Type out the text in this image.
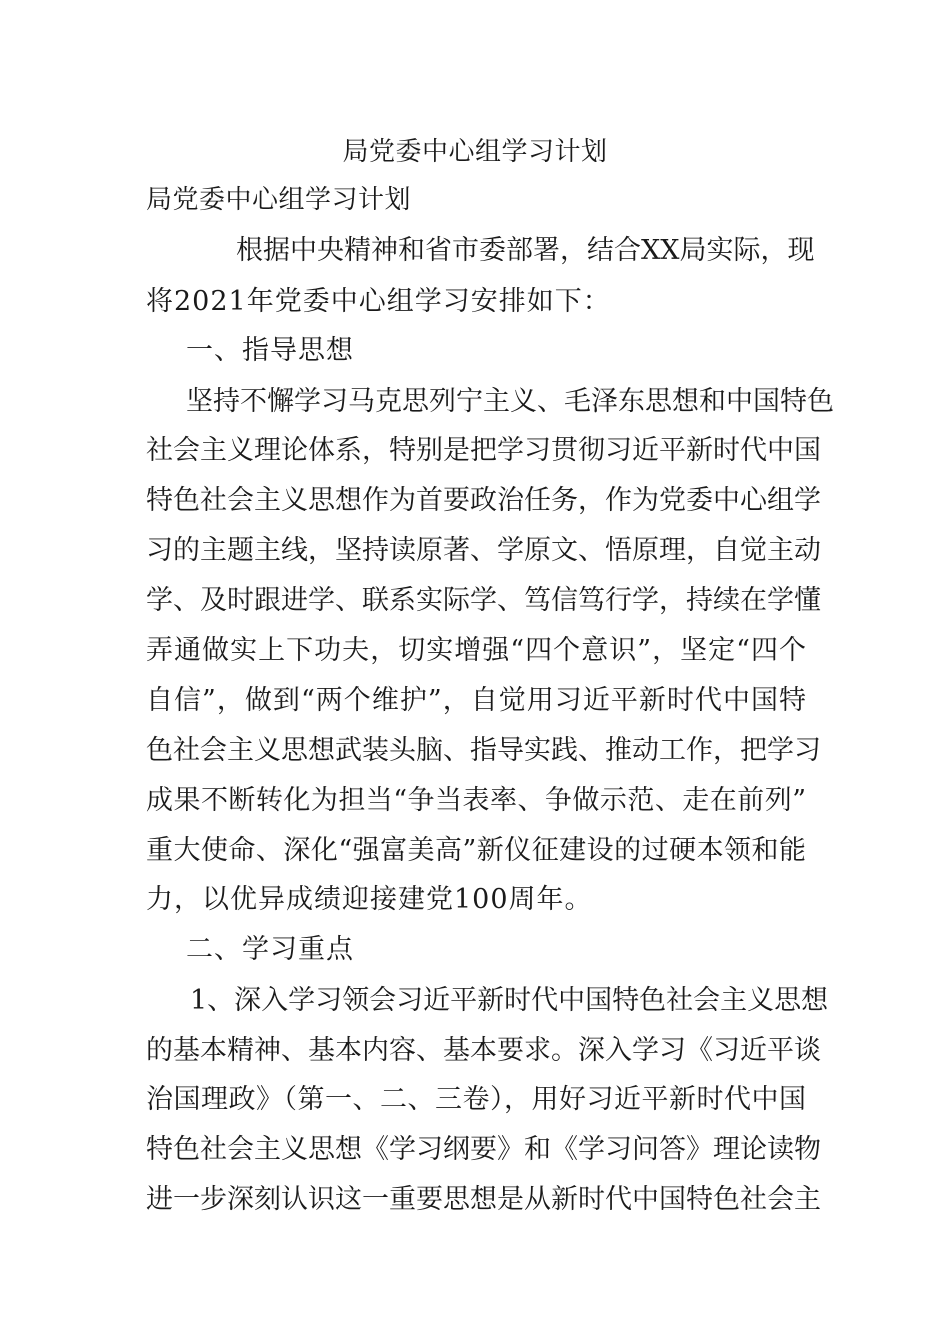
局党委中心组学习计划
局党委中心组学习计划
根据中央精神和省市委部署，结合XX局实际，现
将2021年党委中心组学习安排如下：
一、指导思想
坚持不懈学习马克思列宁主义、毛泽东思想和中国特色
社会主义理论体系，特别是把学习贯彻习近平新时代中国
特色社会主义思想作为首要政治任务，作为党委中心组学
习的主题主线，坚持读原著、学原文、悟原理，自觉主动
学、及时跟进学、联系实际学、笃信笃行学，持续在学懂
弄通做实上下功夫，切实增强“四个意识”，坚定“四个
自信”，做到“两个维护”，自觉用习近平新时代中国特
色社会主义思想武装头脑、指导实践、推动工作，把学习
成果不断转化为担当“争当表率、争做示范、走在前列”
重大使命、深化“强富美高”新仪征建设的过硬本领和能
力，以优异成绩迎接建党100周年。
二、学习重点
1、深入学习领会习近平新时代中国特色社会主义思想
的基本精神、基本内容、基本要求。深入学习《习近平谈
治国理政》（第一、二、三卷），用好习近平新时代中国
特色社会主义思想《学习纲要》和《学习问答》理论读物
进一步深刻认识这一重要思想是从新时代中国特色社会主
